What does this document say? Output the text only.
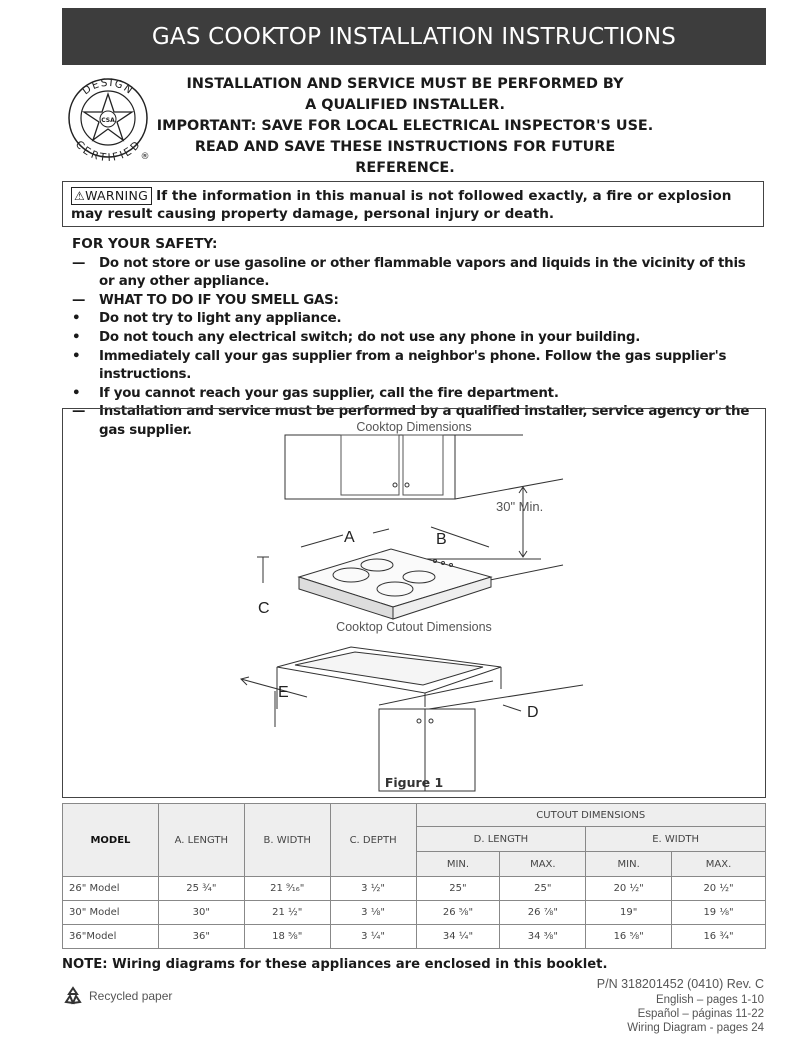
GAS COOKTOP INSTALLATION INSTRUCTIONS
DESIGN
CERTIFIED
CSA
®
INSTALLATION AND SERVICE MUST BE PERFORMED BY
A QUALIFIED INSTALLER.
IMPORTANT: SAVE FOR LOCAL ELECTRICAL INSPECTOR'S USE.
READ AND SAVE THESE INSTRUCTIONS FOR FUTURE REFERENCE.
⚠WARNING If the information in this manual is not followed exactly, a fire or explosion may result causing property damage, personal injury or death.
FOR YOUR SAFETY:
—	Do not store or use gasoline or other flammable vapors and liquids in the vicinity of this or any other appliance.
—	WHAT TO DO IF YOU SMELL GAS:
•	Do not try to light any appliance.
•	Do not touch any electrical switch; do not use any phone in your building.
•	Immediately call your gas supplier from a neighbor's phone. Follow the gas supplier's instructions.
•	If you cannot reach your gas supplier, call the fire department.
—	Installation and service must be performed by a qualified installer, service agency or the gas supplier.	Cooktop Dimensions
30" Min.
A	B
C
Cooktop Cutout Dimensions
E
D
Figure 1
MODEL	A. LENGTH	B. WIDTH	C. DEPTH	CUTOUT DIMENSIONS			
				D. LENGTH		E. WIDTH	
				MIN.	MAX.	MIN.	MAX.
26" Model	25 ¾"	21 ⁹⁄₁₆"	3 ½"	25"	25"	20 ½"	20 ½"
30" Model	30"	21 ½"	3 ⅛"	26 ⅝"	26 ⅞"	19"	19 ⅛"
36"Model	36"	18 ⅝"	3 ¼"	34 ¼"	34 ⅜"	16 ⅝"	16 ¾"
NOTE: Wiring diagrams for these appliances are enclosed in this booklet.
Recycled paper
P/N 318201452 (0410) Rev. C
English – pages 1-10
Español – páginas 11-22
Wiring Diagram - pages 24
